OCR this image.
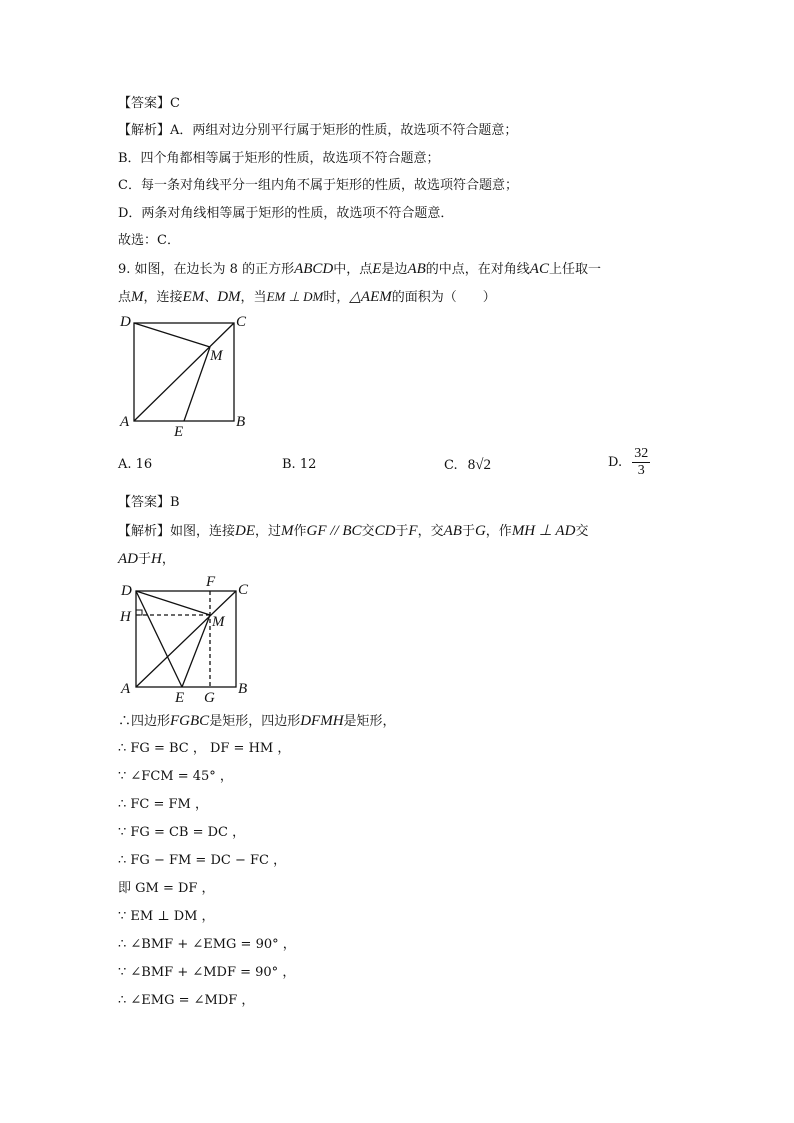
【答案】C
【解析】A．两组对边分别平行属于矩形的性质，故选项不符合题意；
B．四个角都相等属于矩形的性质，故选项不符合题意；
C．每一条对角线平分一组内角不属于矩形的性质，故选项符合题意；
D．两条对角线相等属于矩形的性质，故选项不符合题意．
故选：C．
9. 如图，在边长为 8 的正方形ABCD中，点E是边AB的中点，在对角线AC上任取一
点M，连接EM、DM，当EM ⊥ DM时，△AEM的面积为（　　）
D	C
M
A
E
B
A. 16	B. 12	C. 8√2	D. $\frac{32}{3}$
【答案】B
【解析】如图，连接DE，过M作GF // BC交CD于F，交AB于G，作MH ⊥ AD交
AD于H，
D
F C
H	M
A
E G
B
∴四边形FGBC是矩形，四边形DFMH是矩形，
∴ FG = BC ， DF = HM ，
∵ ∠FCM = 45° ，
∴ FC = FM ，
∵ FG = CB = DC ，
∴ FG − FM = DC − FC ，
即 GM = DF ，
∵ EM ⊥ DM ，
∴ ∠BMF + ∠EMG = 90° ，
∵ ∠BMF + ∠MDF = 90° ，
∴ ∠EMG = ∠MDF ，
